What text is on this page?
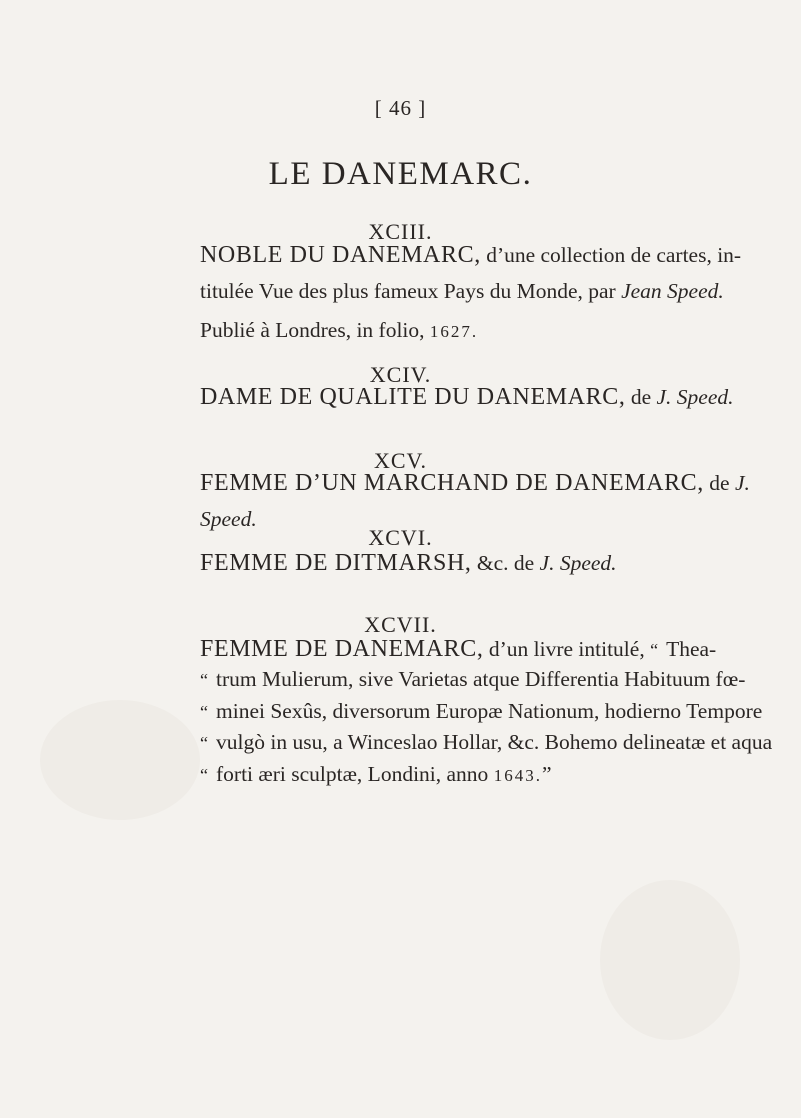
[ 46 ]
LE DANEMARC.
XCIII.
NOBLE DU DANEMARC, d’une collection de cartes, in-
titulée Vue des plus fameux Pays du Monde, par Jean Speed.
Publié à Londres, in folio, 1627.
XCIV.
DAME DE QUALITE DU DANEMARC, de J. Speed.
XCV.
FEMME D’UN MARCHAND DE DANEMARC, de J.
Speed.
XCVI.
FEMME DE DITMARSH, &c. de J. Speed.
XCVII.
FEMME DE DANEMARC, d’un livre intitulé, “ Thea-
“ trum Mulierum, sive Varietas atque Differentia Habituum fœ-
“ minei Sexûs, diversorum Europæ Nationum, hodierno Tempore
“ vulgò in usu, a Winceslao Hollar, &c. Bohemo delineatæ et aqua
“ forti æri sculptæ, Londini, anno 1643.”
